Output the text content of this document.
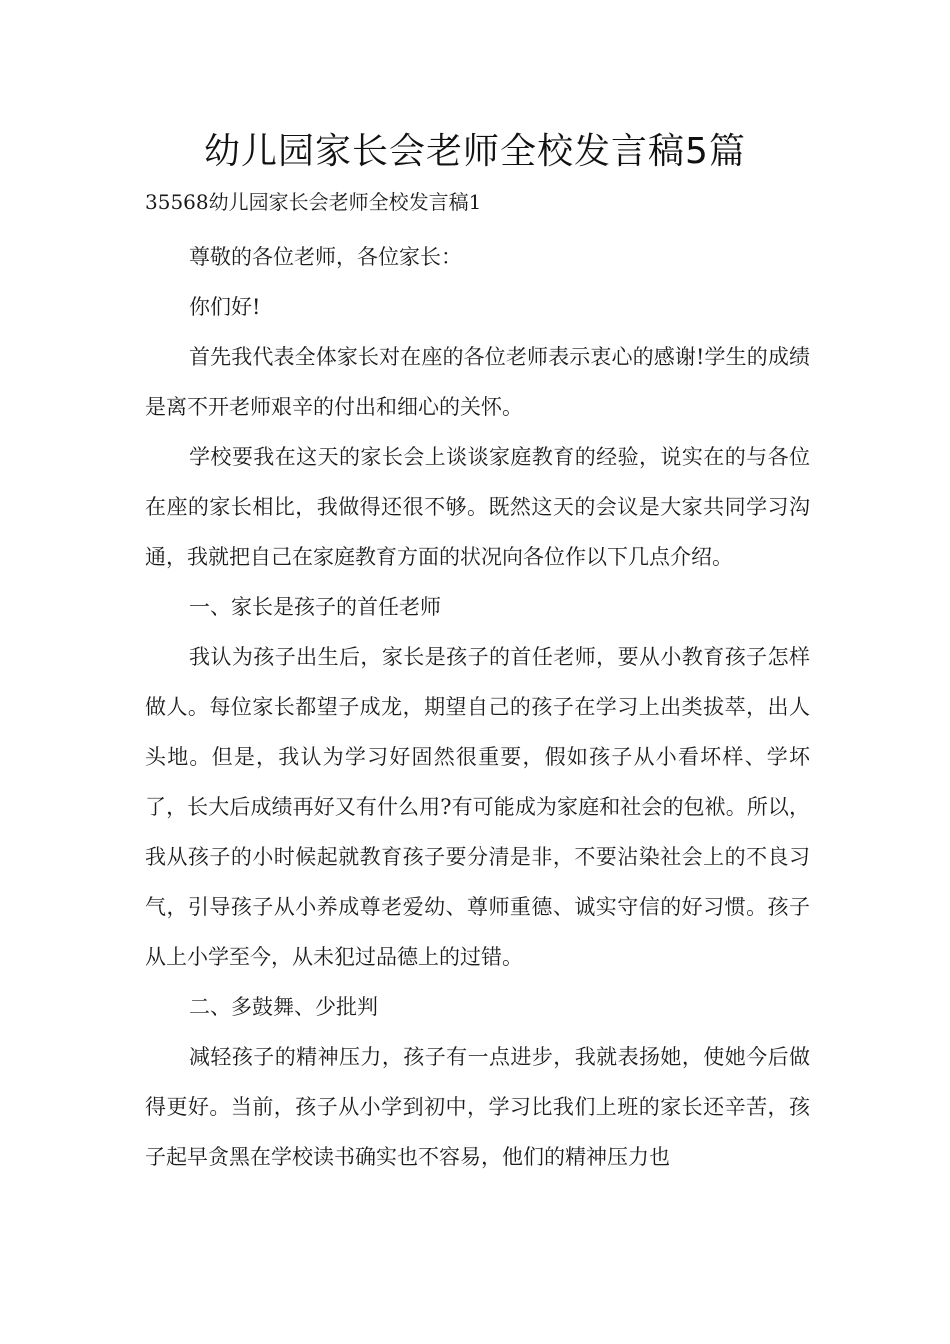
幼儿园家长会老师全校发言稿5篇
35568幼儿园家长会老师全校发言稿1

尊敬的各位老师，各位家长：

你们好!

首先我代表全体家长对在座的各位老师表示衷心的感谢!学生的成绩是离不开老师艰辛的付出和细心的关怀。

学校要我在这天的家长会上谈谈家庭教育的经验，说实在的与各位在座的家长相比，我做得还很不够。既然这天的会议是大家共同学习沟通，我就把自己在家庭教育方面的状况向各位作以下几点介绍。

一、家长是孩子的首任老师

我认为孩子出生后，家长是孩子的首任老师，要从小教育孩子怎样做人。每位家长都望子成龙，期望自己的孩子在学习上出类拔萃，出人头地。但是，我认为学习好固然很重要，假如孩子从小看坏样、学坏了，长大后成绩再好又有什么用?有可能成为家庭和社会的包袱。所以，我从孩子的小时候起就教育孩子要分清是非，不要沾染社会上的不良习气，引导孩子从小养成尊老爱幼、尊师重德、诚实守信的好习惯。孩子从上小学至今，从未犯过品德上的过错。

二、多鼓舞、少批判

减轻孩子的精神压力，孩子有一点进步，我就表扬她，使她今后做得更好。当前，孩子从小学到初中，学习比我们上班的家长还辛苦，孩子起早贪黑在学校读书确实也不容易，他们的精神压力也
